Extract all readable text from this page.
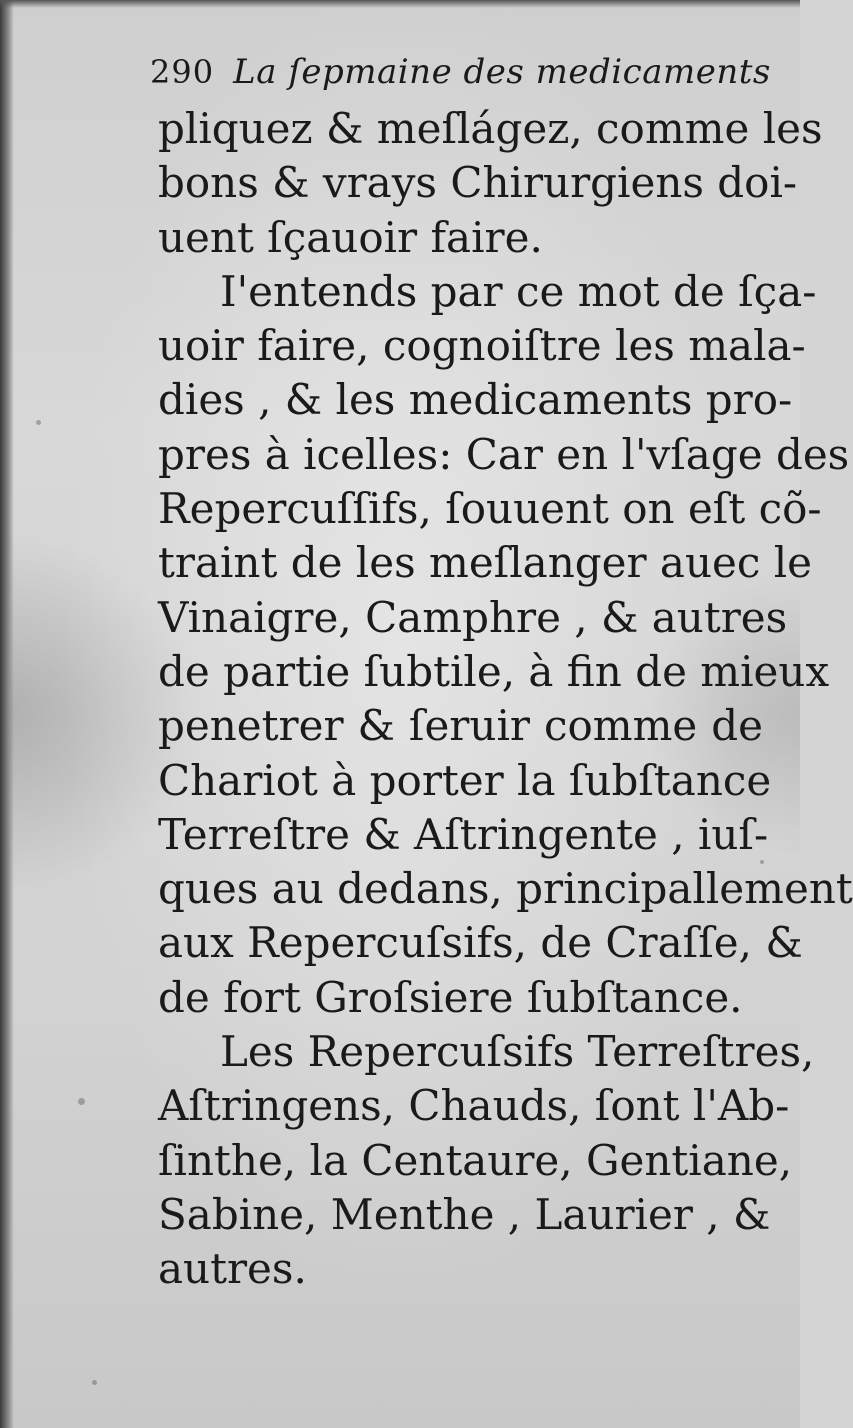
290 La ſepmaine des medicaments
pliquez & meſlágez, comme les
bons & vrays Chirurgiens doi-
uent ſçauoir faire.
I'entends par ce mot de ſça-
uoir faire, cognoiſtre les mala-
dies , & les medicaments pro-
pres à icelles: Car en l'vſage des
Repercuſſifs, ſouuent on eſt cõ-
traint de les meſlanger auec le
Vinaigre, Camphre , & autres
de partie ſubtile, à fin de mieux
penetrer & ſeruir comme de
Chariot à porter la ſubſtance
Terreſtre & Aſtringente , iuſ-
ques au dedans, principallement
aux Repercuſsifs, de Craſſe, &
de fort Groſsiere ſubſtance.
Les Repercuſsifs Terreſtres,
Aſtringens, Chauds, ſont l'Ab-
ſinthe, la Centaure, Gentiane,
Sabine, Menthe , Laurier , &
autres.
